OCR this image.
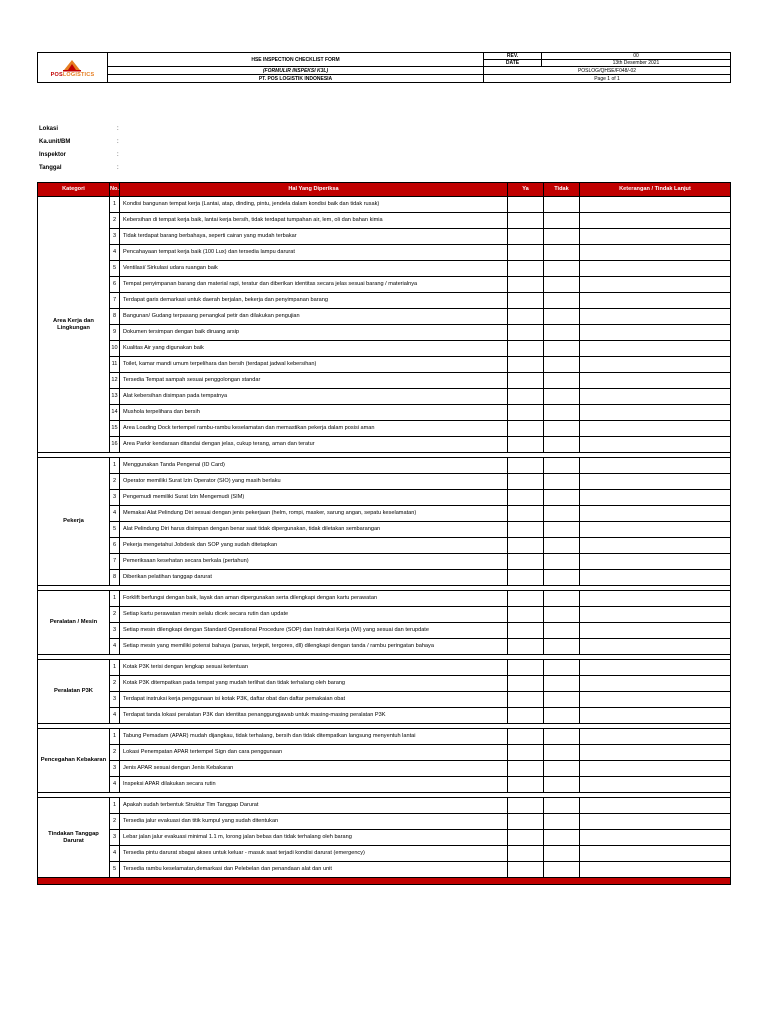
POSLOGISTICS	HSE INSPECTION CHECKLIST FORM	REV.	00
		DATE	13th Desember 2021
	(FORMULIR INSPEKSI K3L)	POSLOG/QHSE/F048/-02	
	PT. POS LOGISTIK INDONESIA	Page 1 of 1	
Lokasi	:
Ka.unit/BM	:
Inspektor	:
Tanggal	:
Kategori	No.	Hal Yang Diperiksa	Ya	Tidak	Keterangan / Tindak Lanjut
Area Kerja dan Lingkungan	1	Kondisi bangunan tempat kerja (Lantai, atap, dinding, pintu, jendela dalam kondisi baik dan tidak rusak)			
	2	Kebersihan di tempat kerja baik, lantai kerja bersih, tidak terdapat tumpahan air, lem, oli dan bahan kimia			
	3	Tidak terdapat barang berbahaya, seperti cairan yang mudah terbakar			
	4	Pencahayaan tempat kerja baik (100 Lux) dan tersedia lampu darurat			
	5	Ventilasi/ Sirkulasi udara ruangan baik			
	6	Tempat penyimpanan barang dan material rapi, teratur dan diberikan identitas secara jelas sesuai barang / materialnya			
	7	Terdapat garis demarkasi untuk daerah berjalan, bekerja dan penyimpanan barang			
	8	Bangunan/ Gudang terpasang penangkal petir dan dilakukan pengujian			
	9	Dokumen tersimpan dengan baik diruang arsip			
	10	Kualitas Air yang digunakan baik			
	11	Toilet, kamar mandi umum terpelihara dan bersih (terdapat jadwal kebersihan)			
	12	Tersedia Tempat sampah sesuai penggolongan standar			
	13	Alat kebersihan disimpan pada tempatnya			
	14	Mushola terpelihara dan bersih			
	15	Area Loading Dock tertempel rambu-rambu keselamatan dan memastikan pekerja dalam posisi aman			
	16	Area Parkir kendaraan ditandai dengan jelas, cukup terang, aman dan teratur			

Pekerja	1	Menggunakan Tanda Pengenal (ID Card)			
	2	Operator memiliki Surat Izin Operator (SIO) yang masih berlaku			
	3	Pengemudi memiliki Surat Izin Mengemudi (SIM)			
	4	Memakai Alat Pelindung Diri sesuai dengan jenis pekerjaan (helm, rompi, masker, sarung angan, sepatu keselamatan)			
	5	Alat Pelindung Diri harus disimpan dengan benar saat tidak dipergunakan, tidak diletakan sembarangan			
	6	Pekerja mengetahui Jobdesk dan SOP yang sudah ditetapkan			
	7	Pemeriksaan kesehatan secara berkala (pertahun)			
	8	Diberikan pelatihan tanggap darurat			

Peralatan / Mesin	1	Forklift berfungsi dengan baik, layak dan aman dipergunakan serta dilengkapi dengan kartu perawatan			
	2	Setiap kartu perawatan mesin selalu dicek secara rutin dan update			
	3	Setiap mesin dilengkapi dengan Standard Operational Procedure (SOP) dan Instruksi Kerja (WI) yang sesuai dan terupdate			
	4	Setiap mesin yang memiliki potensi bahaya (panas, terjepit, tergores, dll) dilengkapi dengan tanda / rambu peringatan bahaya			

Peralatan P3K	1	Kotak P3K terisi dengan lengkap sesuai ketentuan			
	2	Kotak P3K ditempatkan pada tempat yang mudah terlihat dan tidak terhalang oleh barang			
	3	Terdapat instruksi kerja penggunaan isi kotak P3K, daftar obat dan daftar pemakaian obat			
	4	Terdapat tanda lokasi peralatan P3K dan identitas penanggungjawab untuk masing-masing peralatan P3K			

Pencegahan Kebakaran	1	Tabung Pemadam (APAR) mudah dijangkau, tidak terhalang, bersih dan tidak ditempatkan langsung menyentuh lantai			
	2	Lokasi Penempatan APAR tertempel Sign dan cara penggunaan			
	3	Jenis APAR sesuai dengan Jenis Kebakaran			
	4	Inspeksi APAR dilakukan secara rutin			

Tindakan Tanggap Darurat	1	Apakah sudah terbentuk Struktur Tim Tanggap Darurat			
	2	Tersedia jalur evakuasi dan titik kumpul yang sudah ditentukan			
	3	Lebar jalan jalur evakuasi minimal 1.1 m, lorong jalan bebas dan tidak terhalang oleh barang			
	4	Tersedia pintu darurat sbagai akses untuk keluar - masuk saat terjadi kondisi darurat (emergency)			
	5	Tersedia rambu keselamatan,demarkasi dan Pelebelan dan penandaan alat dan unit			
